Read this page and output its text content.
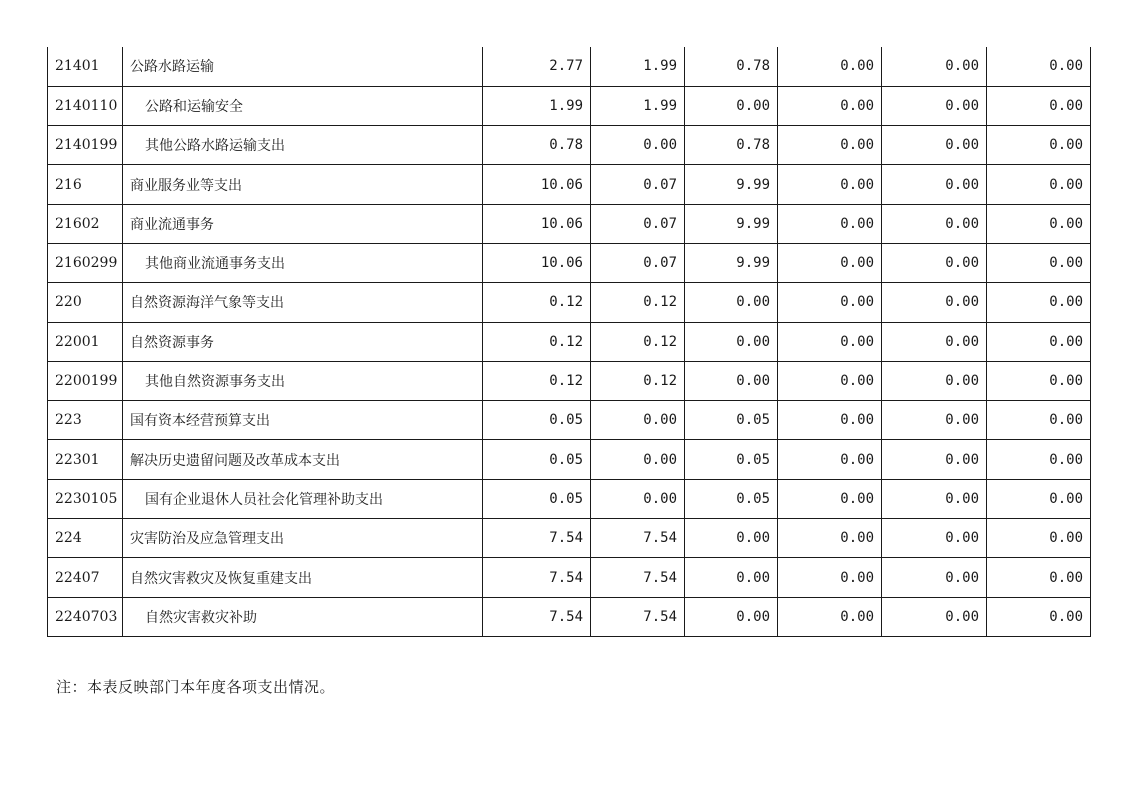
21401	公路水路运输	2.77	1.99	0.78	0.00	0.00	0.00
2140110	公路和运输安全	1.99	1.99	0.00	0.00	0.00	0.00
2140199	其他公路水路运输支出	0.78	0.00	0.78	0.00	0.00	0.00
216	商业服务业等支出	10.06	0.07	9.99	0.00	0.00	0.00
21602	商业流通事务	10.06	0.07	9.99	0.00	0.00	0.00
2160299	其他商业流通事务支出	10.06	0.07	9.99	0.00	0.00	0.00
220	自然资源海洋气象等支出	0.12	0.12	0.00	0.00	0.00	0.00
22001	自然资源事务	0.12	0.12	0.00	0.00	0.00	0.00
2200199	其他自然资源事务支出	0.12	0.12	0.00	0.00	0.00	0.00
223	国有资本经营预算支出	0.05	0.00	0.05	0.00	0.00	0.00
22301	解决历史遗留问题及改革成本支出	0.05	0.00	0.05	0.00	0.00	0.00
2230105	国有企业退休人员社会化管理补助支出	0.05	0.00	0.05	0.00	0.00	0.00
224	灾害防治及应急管理支出	7.54	7.54	0.00	0.00	0.00	0.00
22407	自然灾害救灾及恢复重建支出	7.54	7.54	0.00	0.00	0.00	0.00
2240703	自然灾害救灾补助	7.54	7.54	0.00	0.00	0.00	0.00
注：本表反映部门本年度各项支出情况。
